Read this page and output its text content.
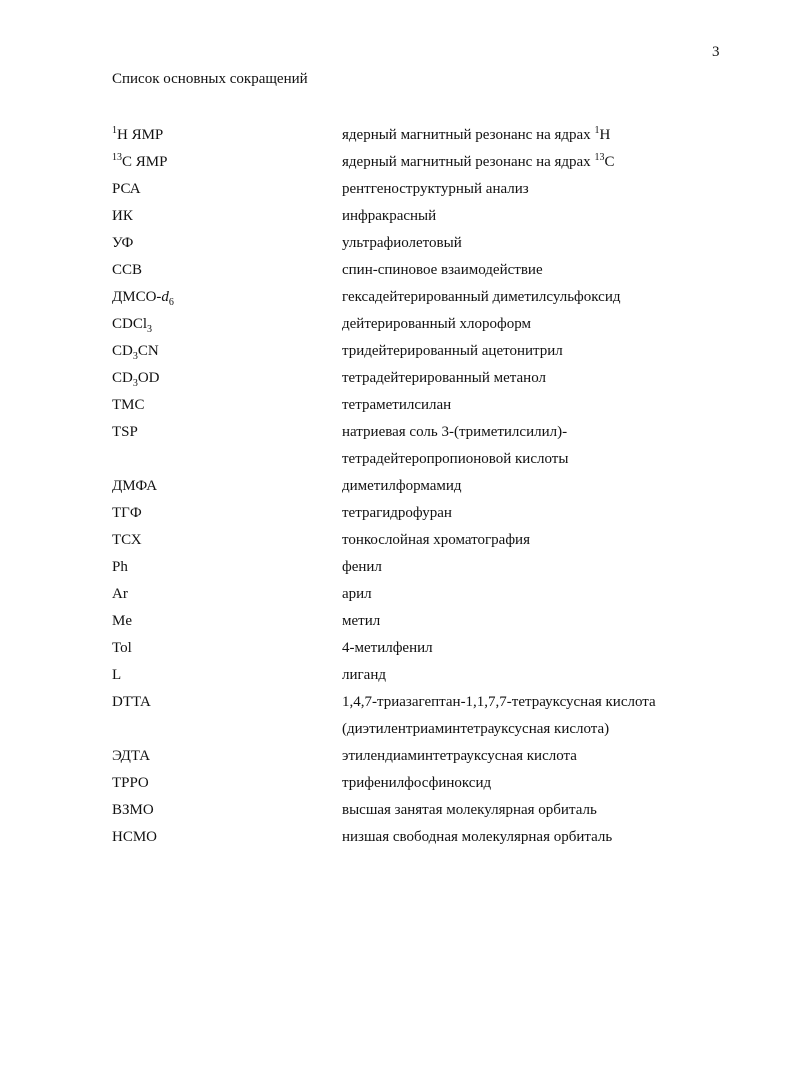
3
Список основных сокращений
$^1$H ЯМР	ядерный магнитный резонанс на ядрах $^1$H
$^{13}$C ЯМР	ядерный магнитный резонанс на ядрах $^{13}$C
РСА	рентгеноструктурный анализ
ИК	инфракрасный
УФ	ультрафиолетовый
ССВ	спин-спиновое взаимодействие
ДМСО-$d_6$	гексадейтерированный диметилсульфоксид
CDCl$_3$	дейтерированный хлороформ
$CD_3CN$	тридейтерированный ацетонитрил
$CD_3OD$	тетрадейтерированный метанол
TMC	тетраметилсилан
TSP	натриевая соль 3-(триметилсилил)-
тетрадейтеропропионовой кислоты
ДМФА	диметилформамид
ТГФ	тетрагидрофуран
ТСХ	тонкослойная хроматография
Ph	фенил
Ar	арил
Me	метил
Tol	4-метилфенил
L	лиганд
DTTA	1,4,7-триазагептан-1,1,7,7-тетрауксусная кислота
(диэтилентриаминтетрауксусная кислота)
ЭДТА	этилендиаминтетрауксусная кислота
TPPO	трифенилфосфиноксид
ВЗМО	высшая занятая молекулярная орбиталь
НСМО	низшая свободная молекулярная орбиталь
